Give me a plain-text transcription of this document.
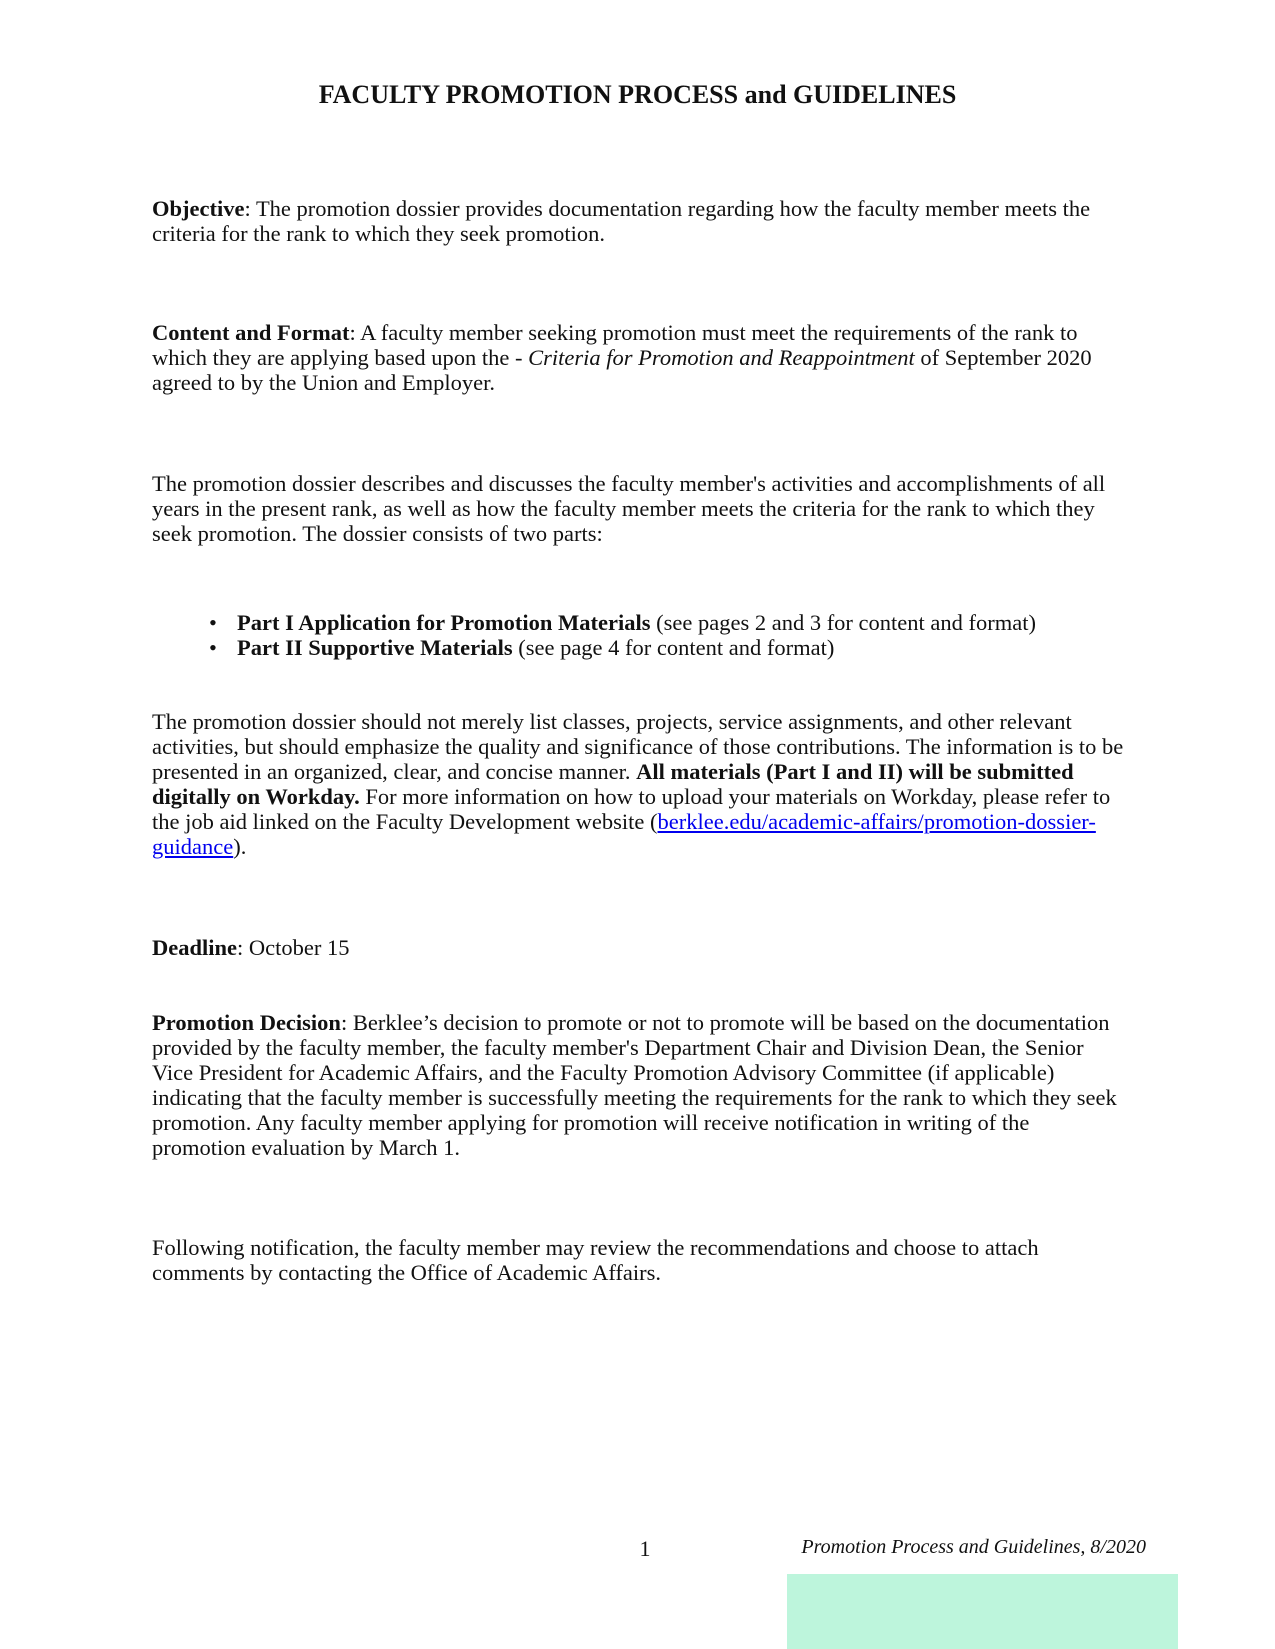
FACULTY PROMOTION PROCESS and GUIDELINES

Objective: The promotion dossier provides documentation regarding how the faculty member meets the criteria for the rank to which they seek promotion.

Content and Format: A faculty member seeking promotion must meet the requirements of the rank to which they are applying based upon the - Criteria for Promotion and Reappointment of September 2020 agreed to by the Union and Employer.

The promotion dossier describes and discusses the faculty member's activities and accomplishments of all years in the present rank, as well as how the faculty member meets the criteria for the rank to which they seek promotion. The dossier consists of two parts:

• Part I Application for Promotion Materials (see pages 2 and 3 for content and format)
• Part II Supportive Materials (see page 4 for content and format)

The promotion dossier should not merely list classes, projects, service assignments, and other relevant activities, but should emphasize the quality and significance of those contributions. The information is to be presented in an organized, clear, and concise manner. All materials (Part I and II) will be submitted digitally on Workday. For more information on how to upload your materials on Workday, please refer to the job aid linked on the Faculty Development website (berklee.edu/academic-affairs/promotion-dossier-guidance).

Deadline: October 15

Promotion Decision: Berklee’s decision to promote or not to promote will be based on the documentation provided by the faculty member, the faculty member's Department Chair and Division Dean, the Senior Vice President for Academic Affairs, and the Faculty Promotion Advisory Committee (if applicable) indicating that the faculty member is successfully meeting the requirements for the rank to which they seek promotion. Any faculty member applying for promotion will receive notification in writing of the promotion evaluation by March 1.

Following notification, the faculty member may review the recommendations and choose to attach comments by contacting the Office of Academic Affairs.

1	Promotion Process and Guidelines, 8/2020
